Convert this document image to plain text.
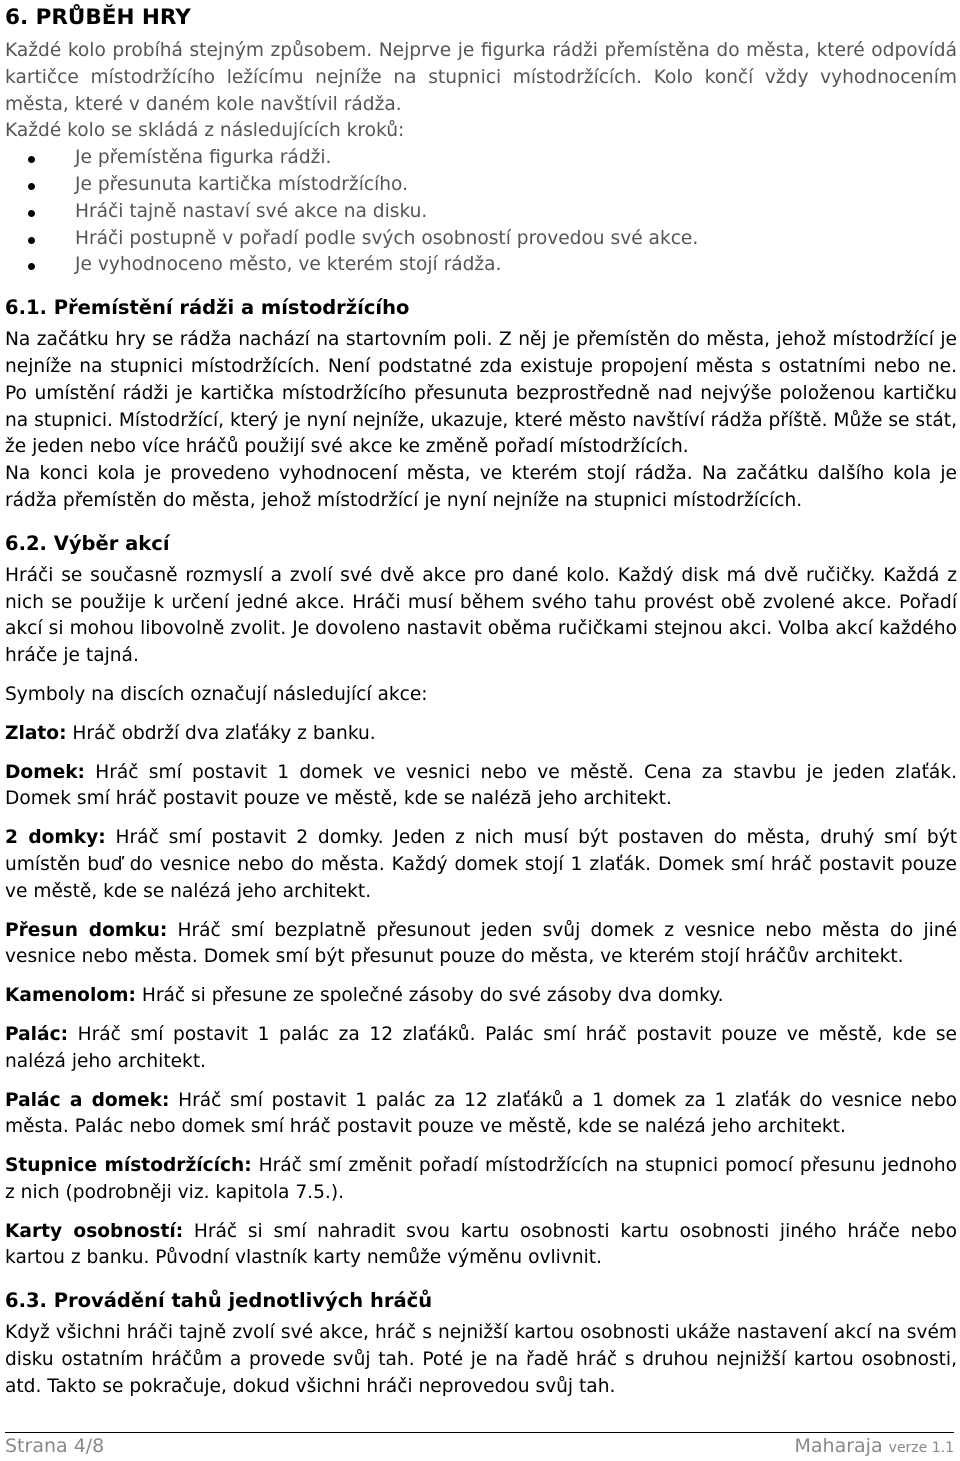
6. PRŮBĚH HRY

Každé kolo probíhá stejným způsobem. Nejprve je figurka rádži přemístěna do města, které odpovídá kartičce místodržícího ležícímu nejníže na stupnici místodržících. Kolo končí vždy vyhodnocením města, které v daném kole navštívil rádža.

Každé kolo se skládá z následujících kroků:

Je přemístěna figurka rádži.
Je přesunuta kartička místodržícího.
Hráči tajně nastaví své akce na disku.
Hráči postupně v pořadí podle svých osobností provedou své akce.
Je vyhodnoceno město, ve kterém stojí rádža.
6.1. Přemístění rádži a místodržícího

Na začátku hry se rádža nachází na startovním poli. Z něj je přemístěn do města, jehož místodržící je nejníže na stupnici místodržících. Není podstatné zda existuje propojení města s ostatními nebo ne. Po umístění rádži je kartička místodržícího přesunuta bezprostředně nad nejvýše položenou kartičku na stupnici. Místodržící, který je nyní nejníže, ukazuje, které město navštíví rádža příště. Může se stát, že jeden nebo více hráčů použijí své akce ke změně pořadí místodržících.

Na konci kola je provedeno vyhodnocení města, ve kterém stojí rádža. Na začátku dalšího kola je rádža přemístěn do města, jehož místodržící je nyní nejníže na stupnici místodržících.

6.2. Výběr akcí

Hráči se současně rozmyslí a zvolí své dvě akce pro dané kolo. Každý disk má dvě ručičky. Každá z nich se použije k určení jedné akce. Hráči musí během svého tahu provést obě zvolené akce. Pořadí akcí si mohou libovolně zvolit. Je dovoleno nastavit oběma ručičkami stejnou akci. Volba akcí každého hráče je tajná.

Symboly na discích označují následující akce:

Zlato: Hráč obdrží dva zlaťáky z banku.

Domek: Hráč smí postavit 1 domek ve vesnici nebo ve městě. Cena za stavbu je jeden zlaťák. Domek smí hráč postavit pouze ve městě, kde se naléză jeho architekt.

2 domky: Hráč smí postavit 2 domky. Jeden z nich musí být postaven do města, druhý smí být umístěn buď do vesnice nebo do města. Každý domek stojí 1 zlaťák. Domek smí hráč postavit pouze ve městě, kde se nalézá jeho architekt.

Přesun domku: Hráč smí bezplatně přesunout jeden svůj domek z vesnice nebo města do jiné vesnice nebo města. Domek smí být přesunut pouze do města, ve kterém stojí hráčův architekt.

Kamenolom: Hráč si přesune ze společné zásoby do své zásoby dva domky.

Palác: Hráč smí postavit 1 palác za 12 zlaťáků. Palác smí hráč postavit pouze ve městě, kde se nalézá jeho architekt.

Palác a domek: Hráč smí postavit 1 palác za 12 zlaťáků a 1 domek za 1 zlaťák do vesnice nebo města. Palác nebo domek smí hráč postavit pouze ve městě, kde se nalézá jeho architekt.

Stupnice místodržících: Hráč smí změnit pořadí místodržících na stupnici pomocí přesunu jednoho z nich (podrobněji viz. kapitola 7.5.).

Karty osobností: Hráč si smí nahradit svou kartu osobnosti kartu osobnosti jiného hráče nebo kartou z banku. Původní vlastník karty nemůže výměnu ovlivnit.

6.3. Provádění tahů jednotlivých hráčů

Když všichni hráči tajně zvolí své akce, hráč s nejnižší kartou osobnosti ukáže nastavení akcí na svém disku ostatním hráčům a provede svůj tah. Poté je na řadě hráč s druhou nejnižší kartou osobnosti, atd. Takto se pokračuje, dokud všichni hráči neprovedou svůj tah.

Strana 4/8	Maharaja verze 1.1
